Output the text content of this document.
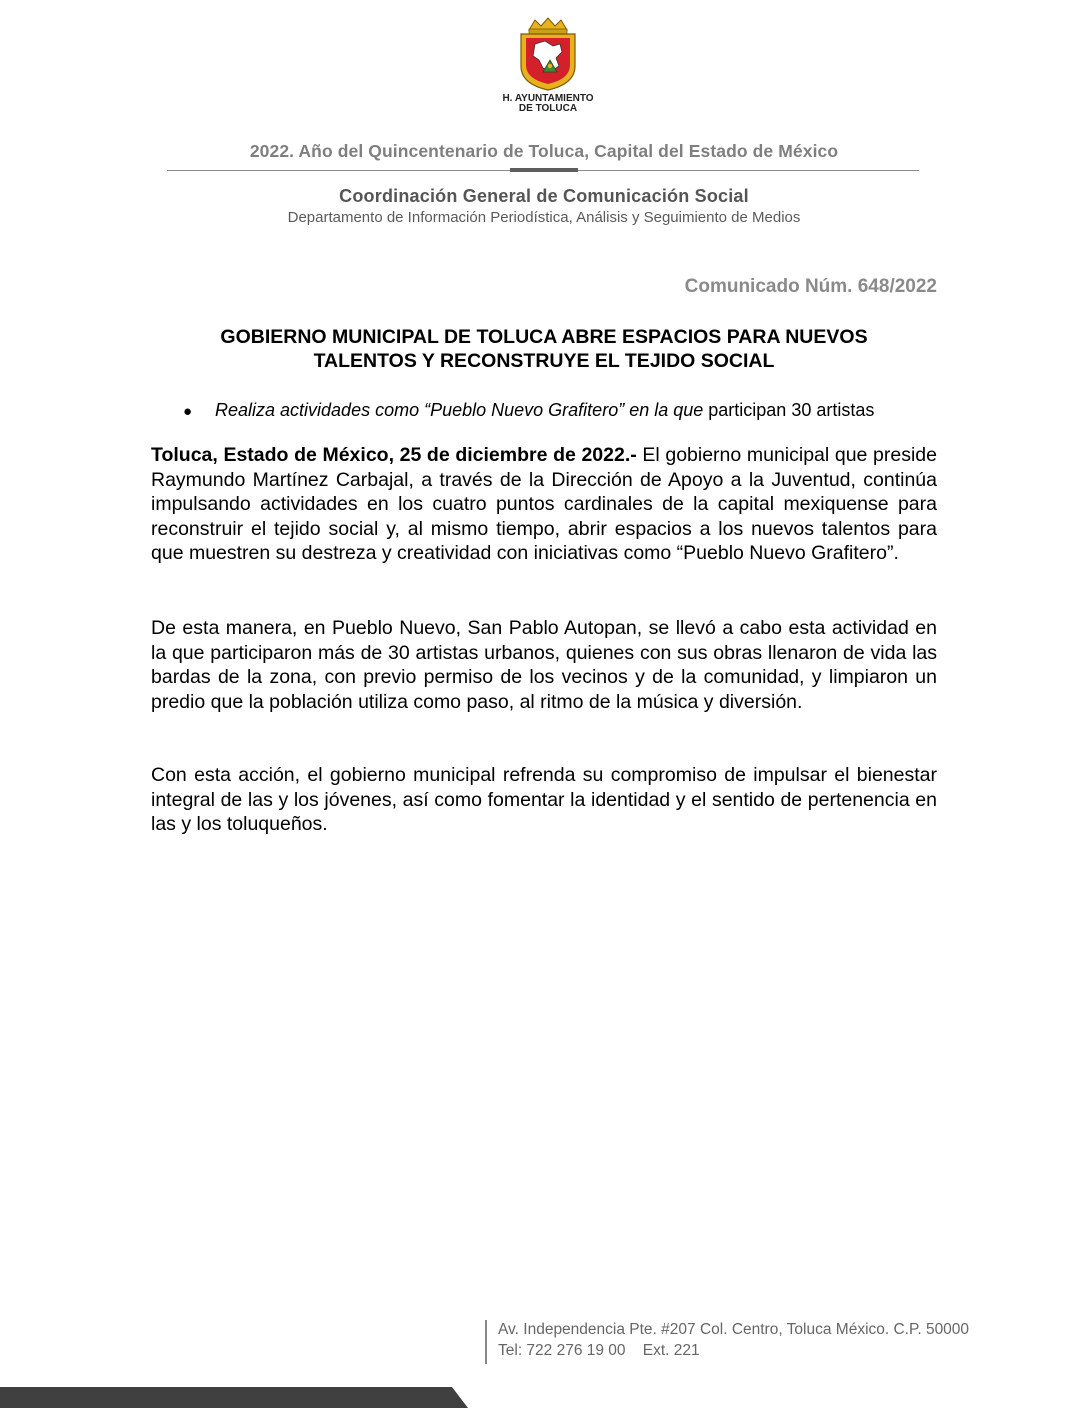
H. AYUNTAMIENTO
DE TOLUCA
2022. Año del Quincentenario de Toluca, Capital del Estado de México
Coordinación General de Comunicación Social
Departamento de Información Periodística, Análisis y Seguimiento de Medios
Comunicado Núm. 648/2022
GOBIERNO MUNICIPAL DE TOLUCA ABRE ESPACIOS PARA NUEVOS
TALENTOS Y RECONSTRUYE EL TEJIDO SOCIAL
● Realiza actividades como “Pueblo Nuevo Grafitero” en la que participan 30 artistas
Toluca, Estado de México, 25 de diciembre de 2022.- El gobierno municipal que preside Raymundo Martínez Carbajal, a través de la Dirección de Apoyo a la Juventud, continúa impulsando actividades en los cuatro puntos cardinales de la capital mexiquense para reconstruir el tejido social y, al mismo tiempo, abrir espacios a los nuevos talentos para que muestren su destreza y creatividad con iniciativas como “Pueblo Nuevo Grafitero”.
De esta manera, en Pueblo Nuevo, San Pablo Autopan, se llevó a cabo esta actividad en la que participaron más de 30 artistas urbanos, quienes con sus obras llenaron de vida las bardas de la zona, con previo permiso de los vecinos y de la comunidad, y limpiaron un predio que la población utiliza como paso, al ritmo de la música y diversión.
Con esta acción, el gobierno municipal refrenda su compromiso de impulsar el bienestar integral de las y los jóvenes, así como fomentar la identidad y el sentido de pertenencia en las y los toluqueños.
Av. Independencia Pte. #207 Col. Centro, Toluca México. C.P. 50000
Tel: 722 276 19 00    Ext. 221
